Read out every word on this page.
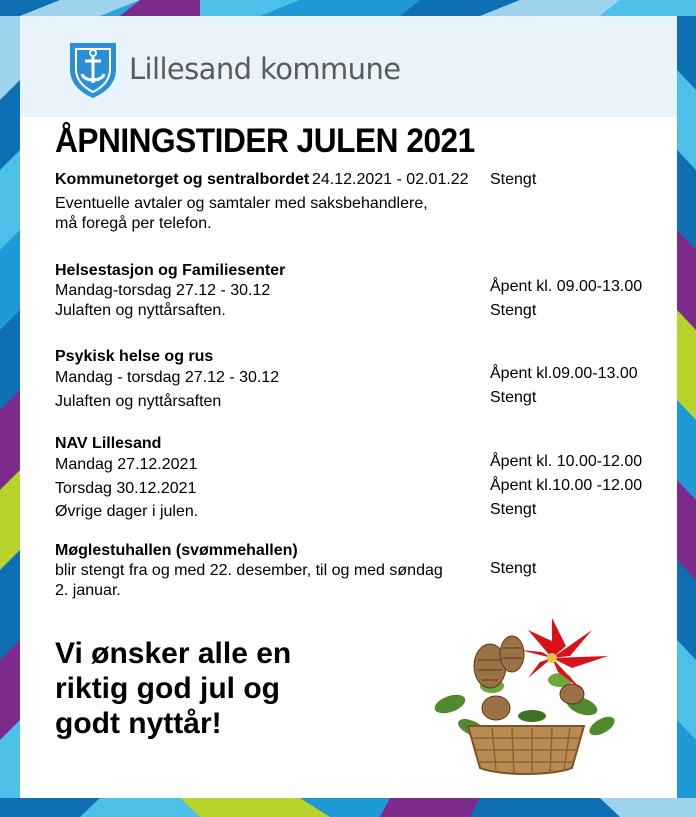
Lillesand kommune
ÅPNINGSTIDER JULEN 2021
Kommunetorget og sentralbordet 24.12.2021 - 02.01.22 Stengt
Eventuelle avtaler og samtaler med saksbehandlere,
må foregå per telefon.
Helsestasjon og Familiesenter
Mandag-torsdag 27.12 - 30.12	Åpent kl. 09.00-13.00
Julaften og nyttårsaften.	Stengt
Psykisk helse og rus
Mandag - torsdag 27.12 - 30.12	Åpent kl.09.00-13.00
Julaften og nyttårsaften	Stengt
NAV Lillesand
Mandag 27.12.2021	Åpent kl. 10.00-12.00
Torsdag 30.12.2021	Åpent kl.10.00 -12.00
Øvrige dager i julen.	Stengt
Møglestuhallen (svømmehallen)
blir stengt fra og med 22. desember, til og med søndag
2. januar.
Stengt
Vi ønsker alle en
riktig god jul og
godt nyttår!
